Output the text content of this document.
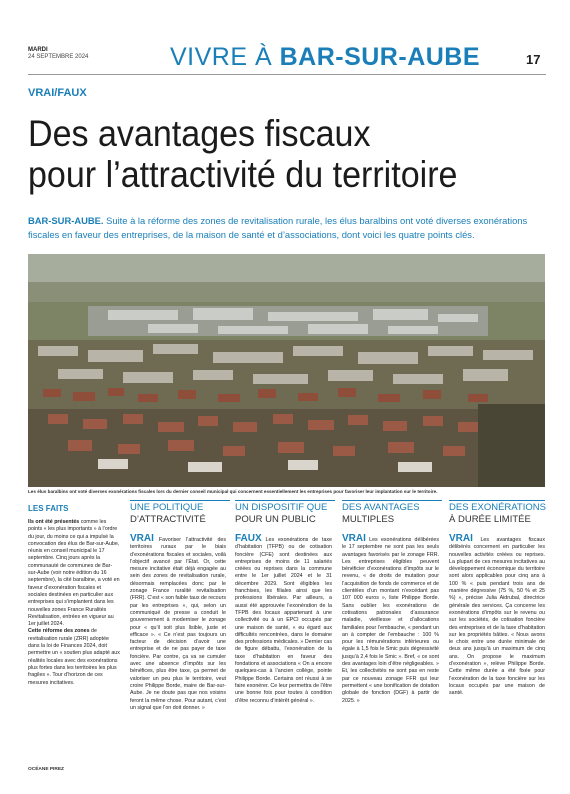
MARDI
24 SEPTEMBRE 2024	VIVRE À BAR-SUR-AUBE	17
VRAI/FAUX
Des avantages fiscaux
pour l’attractivité du territoire
BAR-SUR-AUBE. Suite à la réforme des zones de revitalisation rurale, les élus baralbins ont voté diverses exonérations fiscales en faveur des entreprises, de la maison de santé et d’associations, dont voici les quatre points clés.
Les élus baralbins ont voté diverses exonérations fiscales lors du dernier conseil municipal qui concernent essentiellement les entreprises pour favoriser leur implantation sur le territoire.
LES FAITS
Ils ont été présentés comme les points « les plus importants » à l’ordre du jour, du moins ce qui a impulsé la convocation des élus de Bar-sur-Aube, réunis en conseil municipal le 17 septembre. Cinq jours après la communauté de communes de Bar-sur-Aube (voir notre édition du 16 septembre), la cité baralbine, a voté en faveur d’exonération fiscales et sociales destinées en particulier aux entreprises qui s’implantent dans les nouvelles zones France Ruralités Revitalisation, entrées en vigueur au 1er juillet 2024.
Cette réforme des zones de revitalisation rurale (ZRR) adoptée dans la loi de Finances 2024, doit permettre un « soutien plus adapté aux réalités locales avec des exonérations plus fortes dans les territoires les plus fragiles ». Tour d’horizon de ces mesures incitatives.
OCÉANE PIREZ
UNE POLITIQUE
D’ATTRACTIVITÉ
VRAI Favoriser l’attractivité des territoires ruraux par le biais d’exonérations fiscales et sociales, voilà l’objectif avancé par l’État. Or, cette mesure incitative était déjà engagée au sein des zones de revitalisation rurale, désormais remplacées donc par le zonage France ruralité revitalisation (FRR). C’est « son faible taux de recours par les entreprises », qui, selon un communiqué de presse a conduit le gouvernement à moderniser le zonage pour « qu’il soit plus lisible, juste et efficace ». « Ce n’est pas toujours un facteur de décision d’avoir une entreprise et de ne pas payer de taxe foncière. Par contre, ça va se cumuler avec une absence d’impôts sur les bénéfices, plus être taxe, ça permet de valoriser un peu plus le territoire, veut croire Philippe Borde, maire de Bar-sur-Aube. Je ne doute pas que nos voisins feront la même chose. Pour autant, c’est un signal que l’on doit donner. »
UN DISPOSITIF QUE
POUR UN PUBLIC
FAUX Les exonérations de taxe d’habitation (TFPB) ou de cotisation foncière (CFE) sont destinées aux entreprises de moins de 11 salariés créées ou reprises dans la commune entre le 1er juillet 2024 et le 31 décembre 2029. Sont éligibles les franchises, les filiales ainsi que les professions libérales. Par ailleurs, a aussi été approuvée l’exonération de la TFPB des locaux appartenant à une collectivité ou à un EPCI occupés par une maison de santé, « eu égard aux difficultés rencontrées, dans le domaine des professions médicales. » Dernier cas de figure débattu, l’exonération de la taxe d’habitation en faveur des fondations et associations « On a encore quelques-cas à l’ancien collège, pointe Philippe Borde. Certains ont réussi à se faire exonérer. Ce leur permettra de l’être une bonne fois pour toutes à condition d’être reconnu d’intérêt général ».
DES AVANTAGES
MULTIPLES
VRAI Les exonérations délibérées le 17 septembre ne sont pas les seuls avantages favorisés par le zonage FRR. Les entreprises éligibles peuvent bénéficier d’exonérations d’impôts sur le revenu, « de droits de mutation pour l’acquisition de fonds de commerce et de clientèles d’un montant n’excédant pas 107 000 euros », liste Philippe Borde. Sans oublier les exonérations de cotisations patronales d’assurance maladie, vieillesse et d’allocations familiales pour l’embauche, « pendant un an à compter de l’embauche : 100 % pour les rémunérations inférieures ou égale à 1,5 fois le Smic puis dégressivité jusqu’à 2,4 fois le Smic ». Bref, « ce sont des avantages loin d’être négligeables. » Et, les collectivités ne sont pas en reste par ce nouveau zonage FFR qui leur permettent « une bonification de dotation globale de fonction (DGF) à partir de 2025. »
DES EXONÉRATIONS
À DURÉE LIMITÉE
VRAI Les avantages fiscaux délibérés concernent en particulier les nouvelles activités créées ou reprises. La plupart de ces mesures incitatives au développement économique du territoire sont alors applicables pour cinq ans à 100 % « puis pendant trois ans de manière dégressive (75 %, 50 % et 25 %) », précise Julia Aidrubal, directrice générale des services. Ça concerne les exonérations d’impôts sur le revenu ou sur les sociétés, de cotisation foncière des entreprises et de la taxe d’habitation sur les propriétés bâties. « Nous avons le choix entre une durée minimale de deux ans jusqu’à un maximum de cinq ans. On propose le maximum d’exonération », relève Philippe Borde. Cette même durée a été fixée pour l’exonération de la taxe foncière sur les locaux occupés par une maison de santé.
